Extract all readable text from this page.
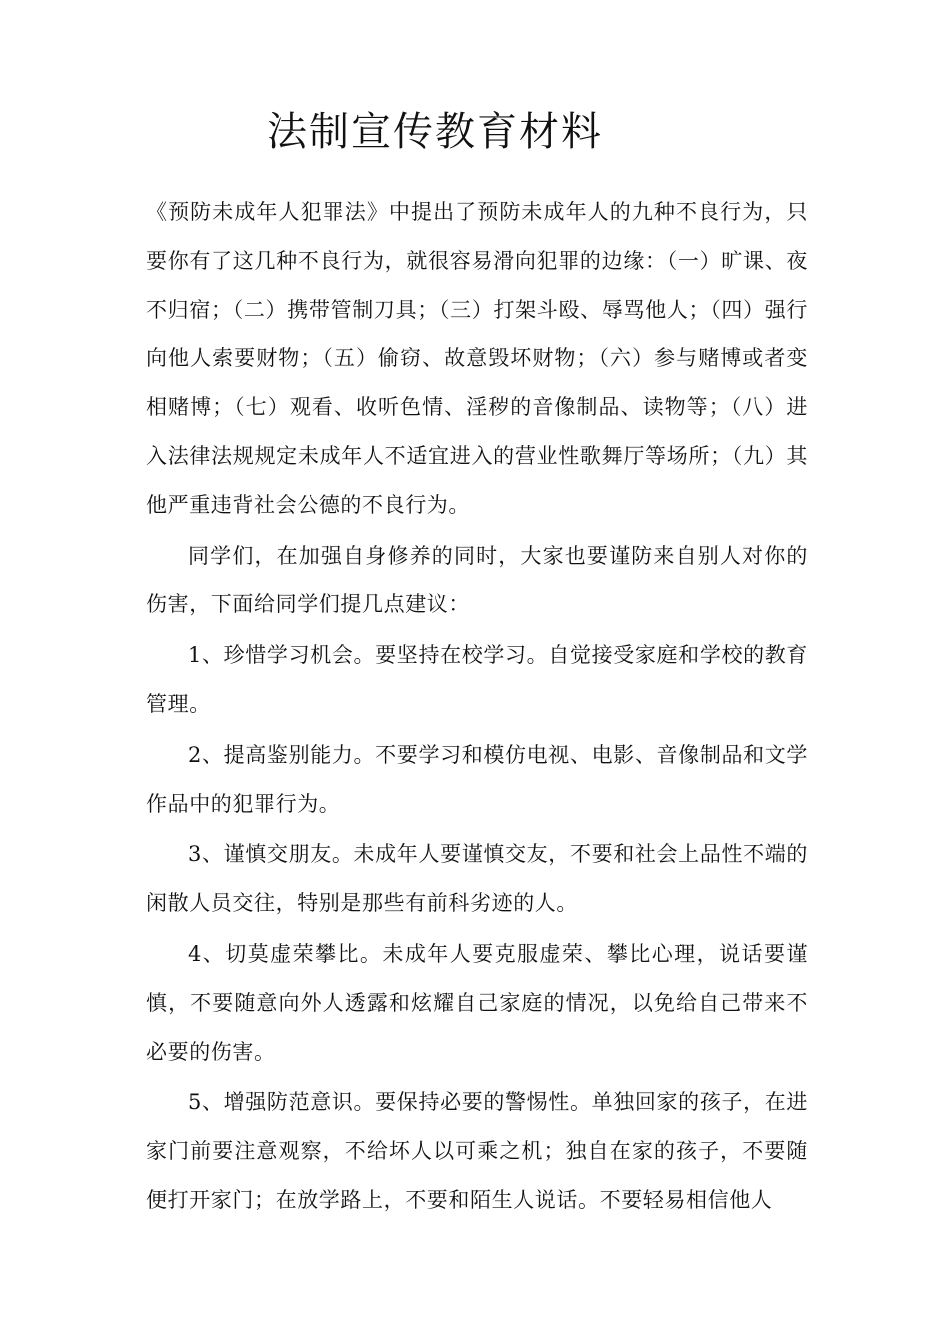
法制宣传教育材料

《预防未成年人犯罪法》中提出了预防未成年人的九种不良行为，只要你有了这几种不良行为，就很容易滑向犯罪的边缘：（一）旷课、夜不归宿；（二）携带管制刀具；（三）打架斗殴、辱骂他人；（四）强行向他人索要财物；（五）偷窃、故意毁坏财物；（六）参与赌博或者变相赌博；（七）观看、收听色情、淫秽的音像制品、读物等；（八）进入法律法规规定未成年人不适宜进入的营业性歌舞厅等场所；（九）其他严重违背社会公德的不良行为。

同学们，在加强自身修养的同时，大家也要谨防来自别人对你的伤害，下面给同学们提几点建议：

1、珍惜学习机会。要坚持在校学习。自觉接受家庭和学校的教育管理。

2、提高鉴别能力。不要学习和模仿电视、电影、音像制品和文学作品中的犯罪行为。

3、谨慎交朋友。未成年人要谨慎交友，不要和社会上品性不端的闲散人员交往，特别是那些有前科劣迹的人。

4、切莫虚荣攀比。未成年人要克服虚荣、攀比心理，说话要谨慎，不要随意向外人透露和炫耀自己家庭的情况，以免给自己带来不必要的伤害。

5、增强防范意识。要保持必要的警惕性。单独回家的孩子，在进家门前要注意观察，不给坏人以可乘之机；独自在家的孩子，不要随便打开家门；在放学路上，不要和陌生人说话。不要轻易相信他人
